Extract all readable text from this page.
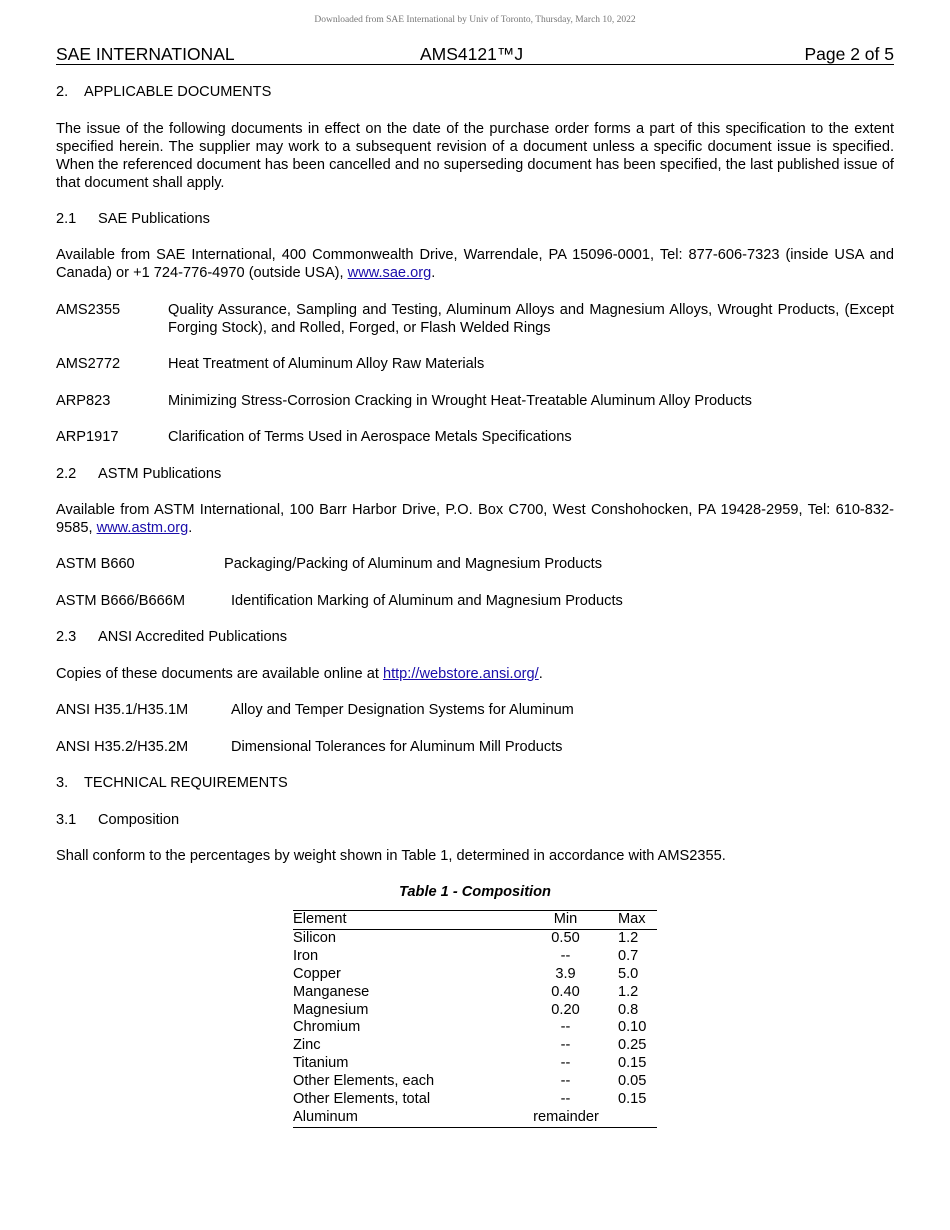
Downloaded from SAE International by Univ of Toronto, Thursday, March 10, 2022
SAE INTERNATIONAL	AMS4121™J	Page 2 of 5
2. APPLICABLE DOCUMENTS
The issue of the following documents in effect on the date of the purchase order forms a part of this specification to the extent specified herein. The supplier may work to a subsequent revision of a document unless a specific document issue is specified. When the referenced document has been cancelled and no superseding document has been specified, the last published issue of that document shall apply.
2.1 SAE Publications
Available from SAE International, 400 Commonwealth Drive, Warrendale, PA 15096-0001, Tel: 877-606-7323 (inside USA and Canada) or +1 724-776-4970 (outside USA), www.sae.org.
AMS2355	Quality Assurance, Sampling and Testing, Aluminum Alloys and Magnesium Alloys, Wrought Products, (Except Forging Stock), and Rolled, Forged, or Flash Welded Rings
AMS2772	Heat Treatment of Aluminum Alloy Raw Materials
ARP823	Minimizing Stress-Corrosion Cracking in Wrought Heat-Treatable Aluminum Alloy Products
ARP1917	Clarification of Terms Used in Aerospace Metals Specifications
2.2 ASTM Publications
Available from ASTM International, 100 Barr Harbor Drive, P.O. Box C700, West Conshohocken, PA 19428-2959, Tel: 610-832-9585, www.astm.org.
ASTM B660	Packaging/Packing of Aluminum and Magnesium Products
ASTM B666/B666M	Identification Marking of Aluminum and Magnesium Products
2.3 ANSI Accredited Publications
Copies of these documents are available online at http://webstore.ansi.org/.
ANSI H35.1/H35.1M	Alloy and Temper Designation Systems for Aluminum
ANSI H35.2/H35.2M	Dimensional Tolerances for Aluminum Mill Products
3. TECHNICAL REQUIREMENTS
3.1 Composition
Shall conform to the percentages by weight shown in Table 1, determined in accordance with AMS2355.
Table 1 - Composition
Element	Min	Max
Silicon	0.50	1.2
Iron	--	0.7
Copper	3.9	5.0
Manganese	0.40	1.2
Magnesium	0.20	0.8
Chromium	--	0.10
Zinc	--	0.25
Titanium	--	0.15
Other Elements, each	--	0.05
Other Elements, total	--	0.15
Aluminum	remainder	
